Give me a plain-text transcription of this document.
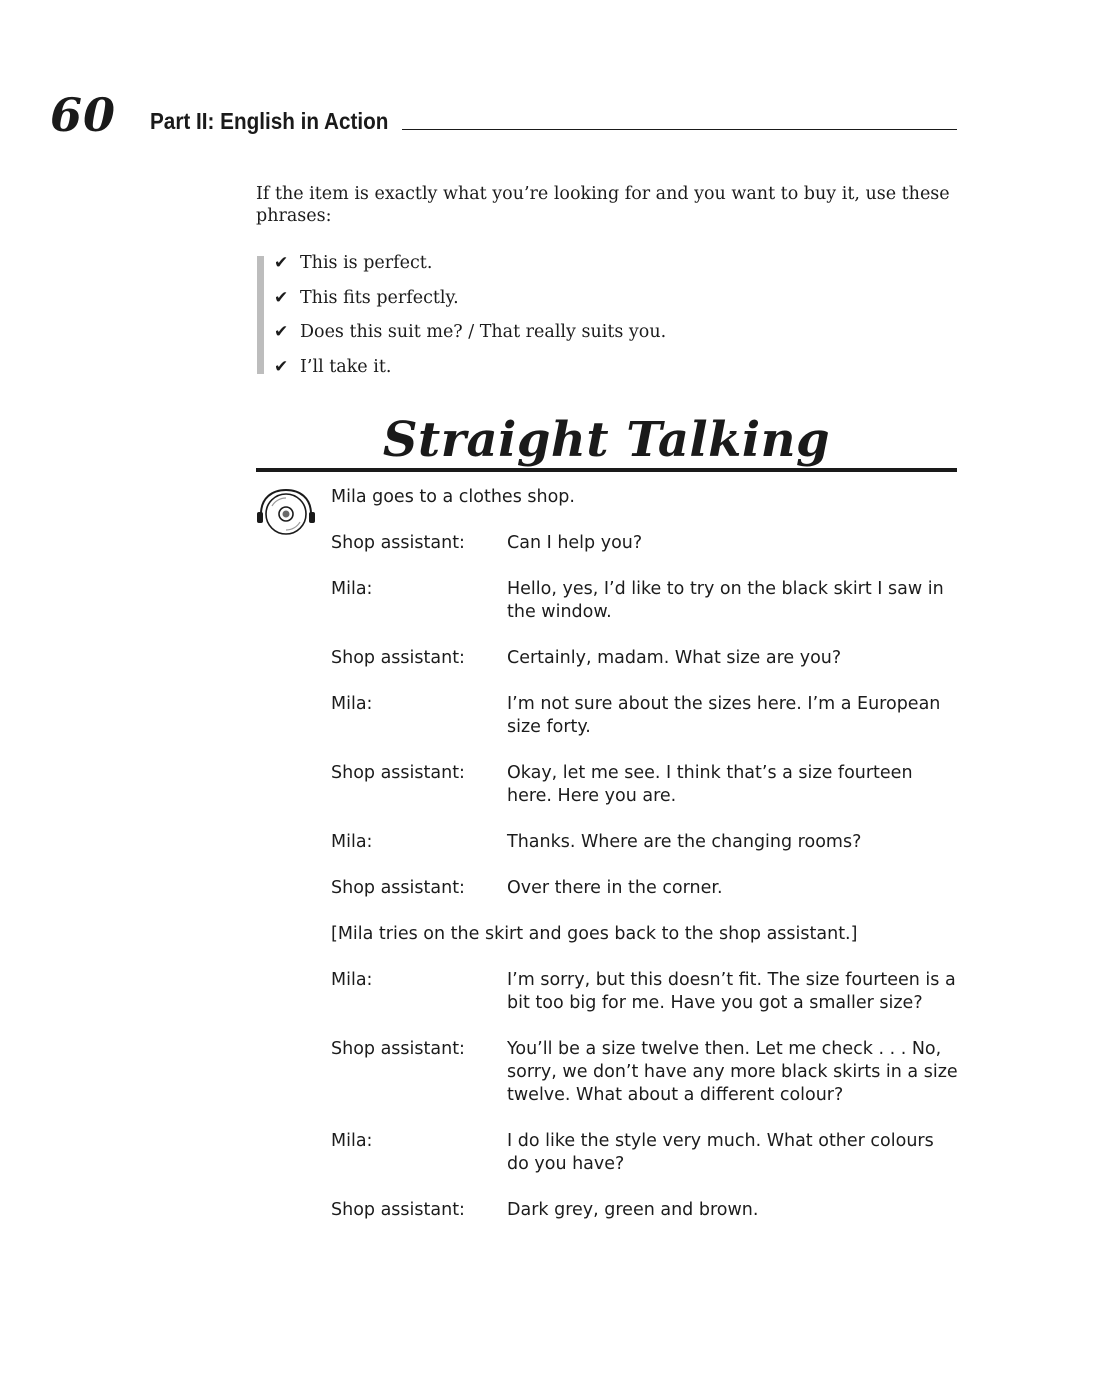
60 Part II: English in Action

If the item is exactly what you’re looking for and you want to buy it, use these phrases:

✔ This is perfect.
✔ This fits perfectly.
✔ Does this suit me? / That really suits you.
✔ I’ll take it.
Straight Talking

Mila goes to a clothes shop.

Shop assistant:	Can I help you?
Mila:	Hello, yes, I’d like to try on the black skirt I saw in the window.
Shop assistant:	Certainly, madam. What size are you?
Mila:	I’m not sure about the sizes here. I’m a European size forty.
Shop assistant:	Okay, let me see. I think that’s a size fourteen here. Here you are.
Mila:	Thanks. Where are the changing rooms?
Shop assistant:	Over there in the corner.
[Mila tries on the skirt and goes back to the shop assistant.]
Mila:	I’m sorry, but this doesn’t fit. The size fourteen is a bit too big for me. Have you got a smaller size?
Shop assistant:	You’ll be a size twelve then. Let me check . . . No, sorry, we don’t have any more black skirts in a size twelve. What about a different colour?
Mila:	I do like the style very much. What other colours do you have?
Shop assistant:	Dark grey, green and brown.
